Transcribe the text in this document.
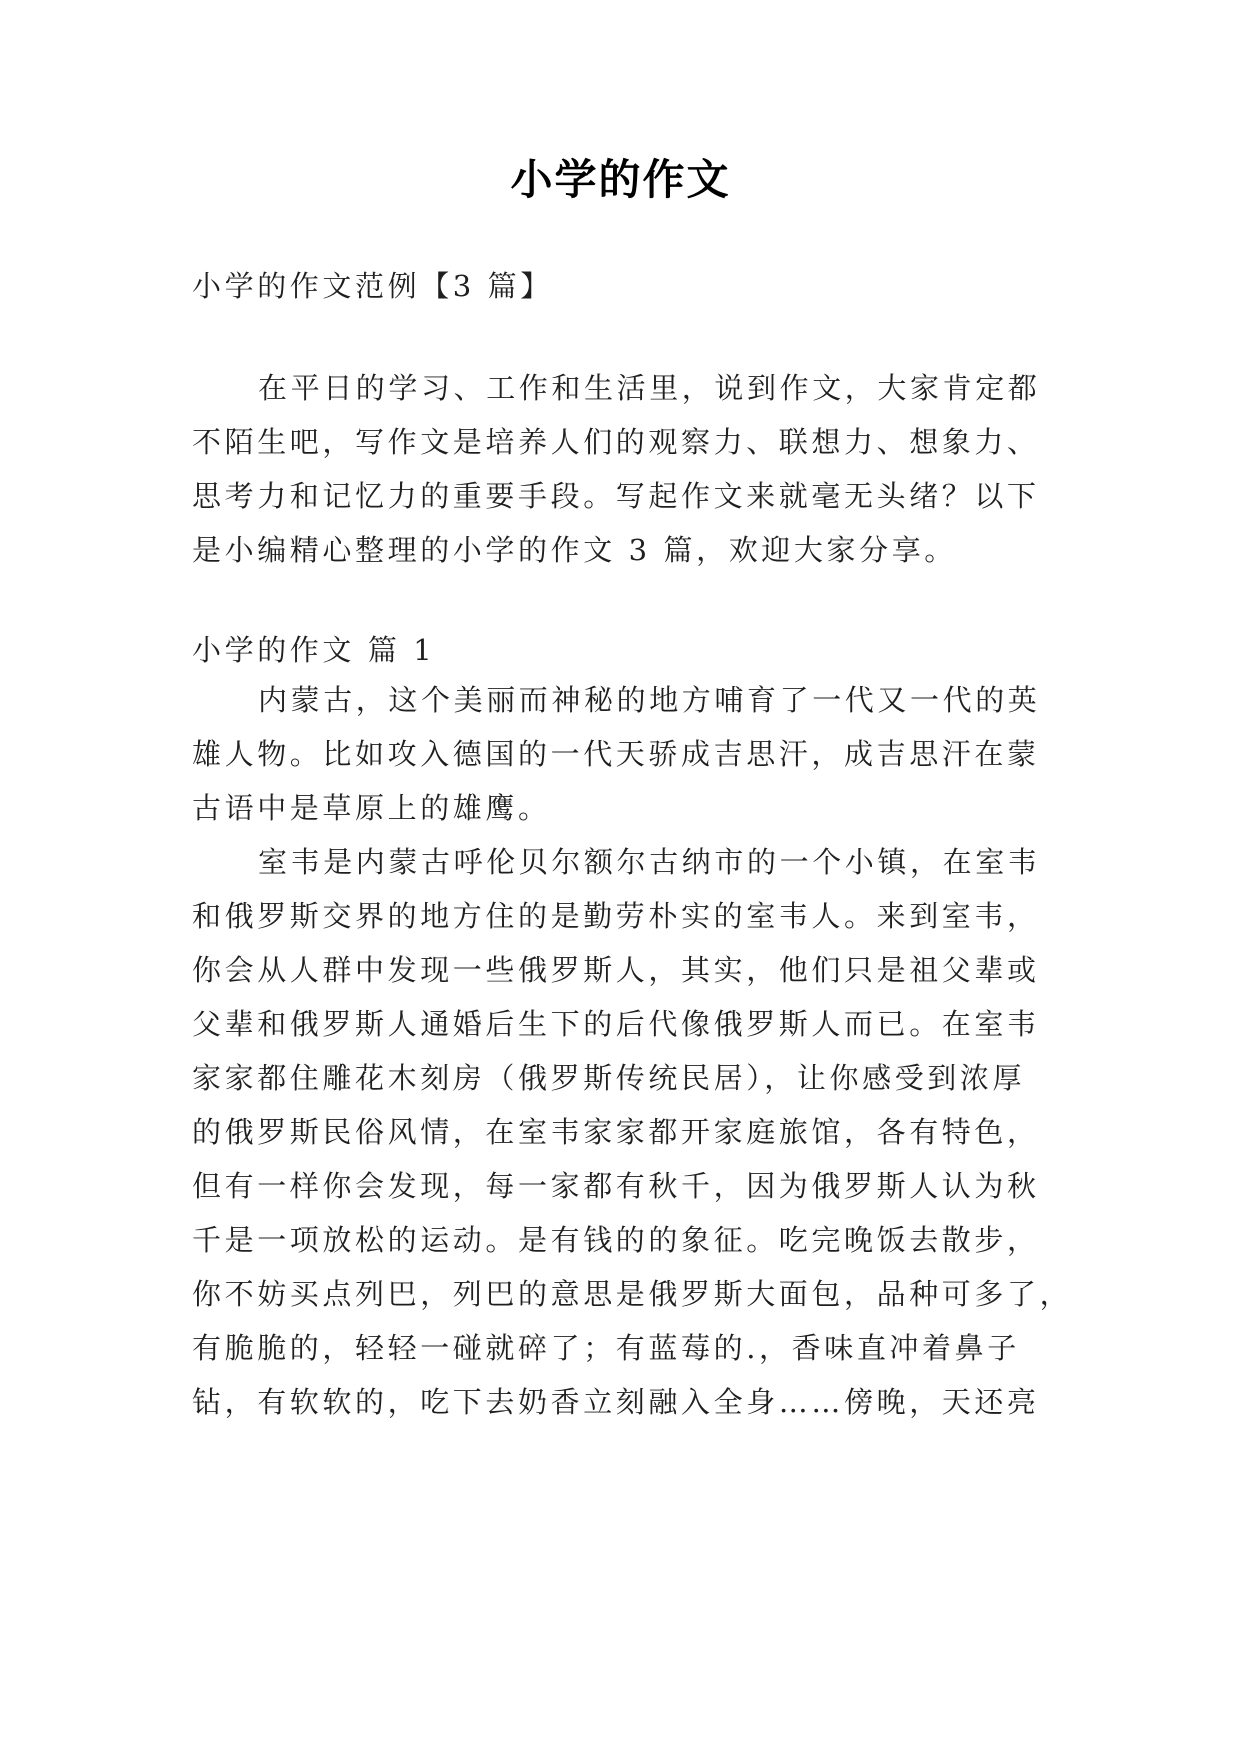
小学的作文
小学的作文范例【3 篇】
在平日的学习、工作和生活里，说到作文，大家肯定都
不陌生吧，写作文是培养人们的观察力、联想力、想象力、
思考力和记忆力的重要手段。写起作文来就毫无头绪？以下
是小编精心整理的小学的作文 3 篇，欢迎大家分享。
小学的作文 篇 1
内蒙古，这个美丽而神秘的地方哺育了一代又一代的英
雄人物。比如攻入德国的一代天骄成吉思汗，成吉思汗在蒙
古语中是草原上的雄鹰。
室韦是内蒙古呼伦贝尔额尔古纳市的一个小镇，在室韦
和俄罗斯交界的地方住的是勤劳朴实的室韦人。来到室韦，
你会从人群中发现一些俄罗斯人，其实，他们只是祖父辈或
父辈和俄罗斯人通婚后生下的后代像俄罗斯人而已。在室韦
家家都住雕花木刻房（俄罗斯传统民居），让你感受到浓厚
的俄罗斯民俗风情，在室韦家家都开家庭旅馆，各有特色，
但有一样你会发现，每一家都有秋千，因为俄罗斯人认为秋
千是一项放松的运动。是有钱的的象征。吃完晚饭去散步，
你不妨买点列巴，列巴的意思是俄罗斯大面包，品种可多了，
有脆脆的，轻轻一碰就碎了；有蓝莓的.，香味直冲着鼻子
钻，有软软的，吃下去奶香立刻融入全身……傍晚，天还亮
